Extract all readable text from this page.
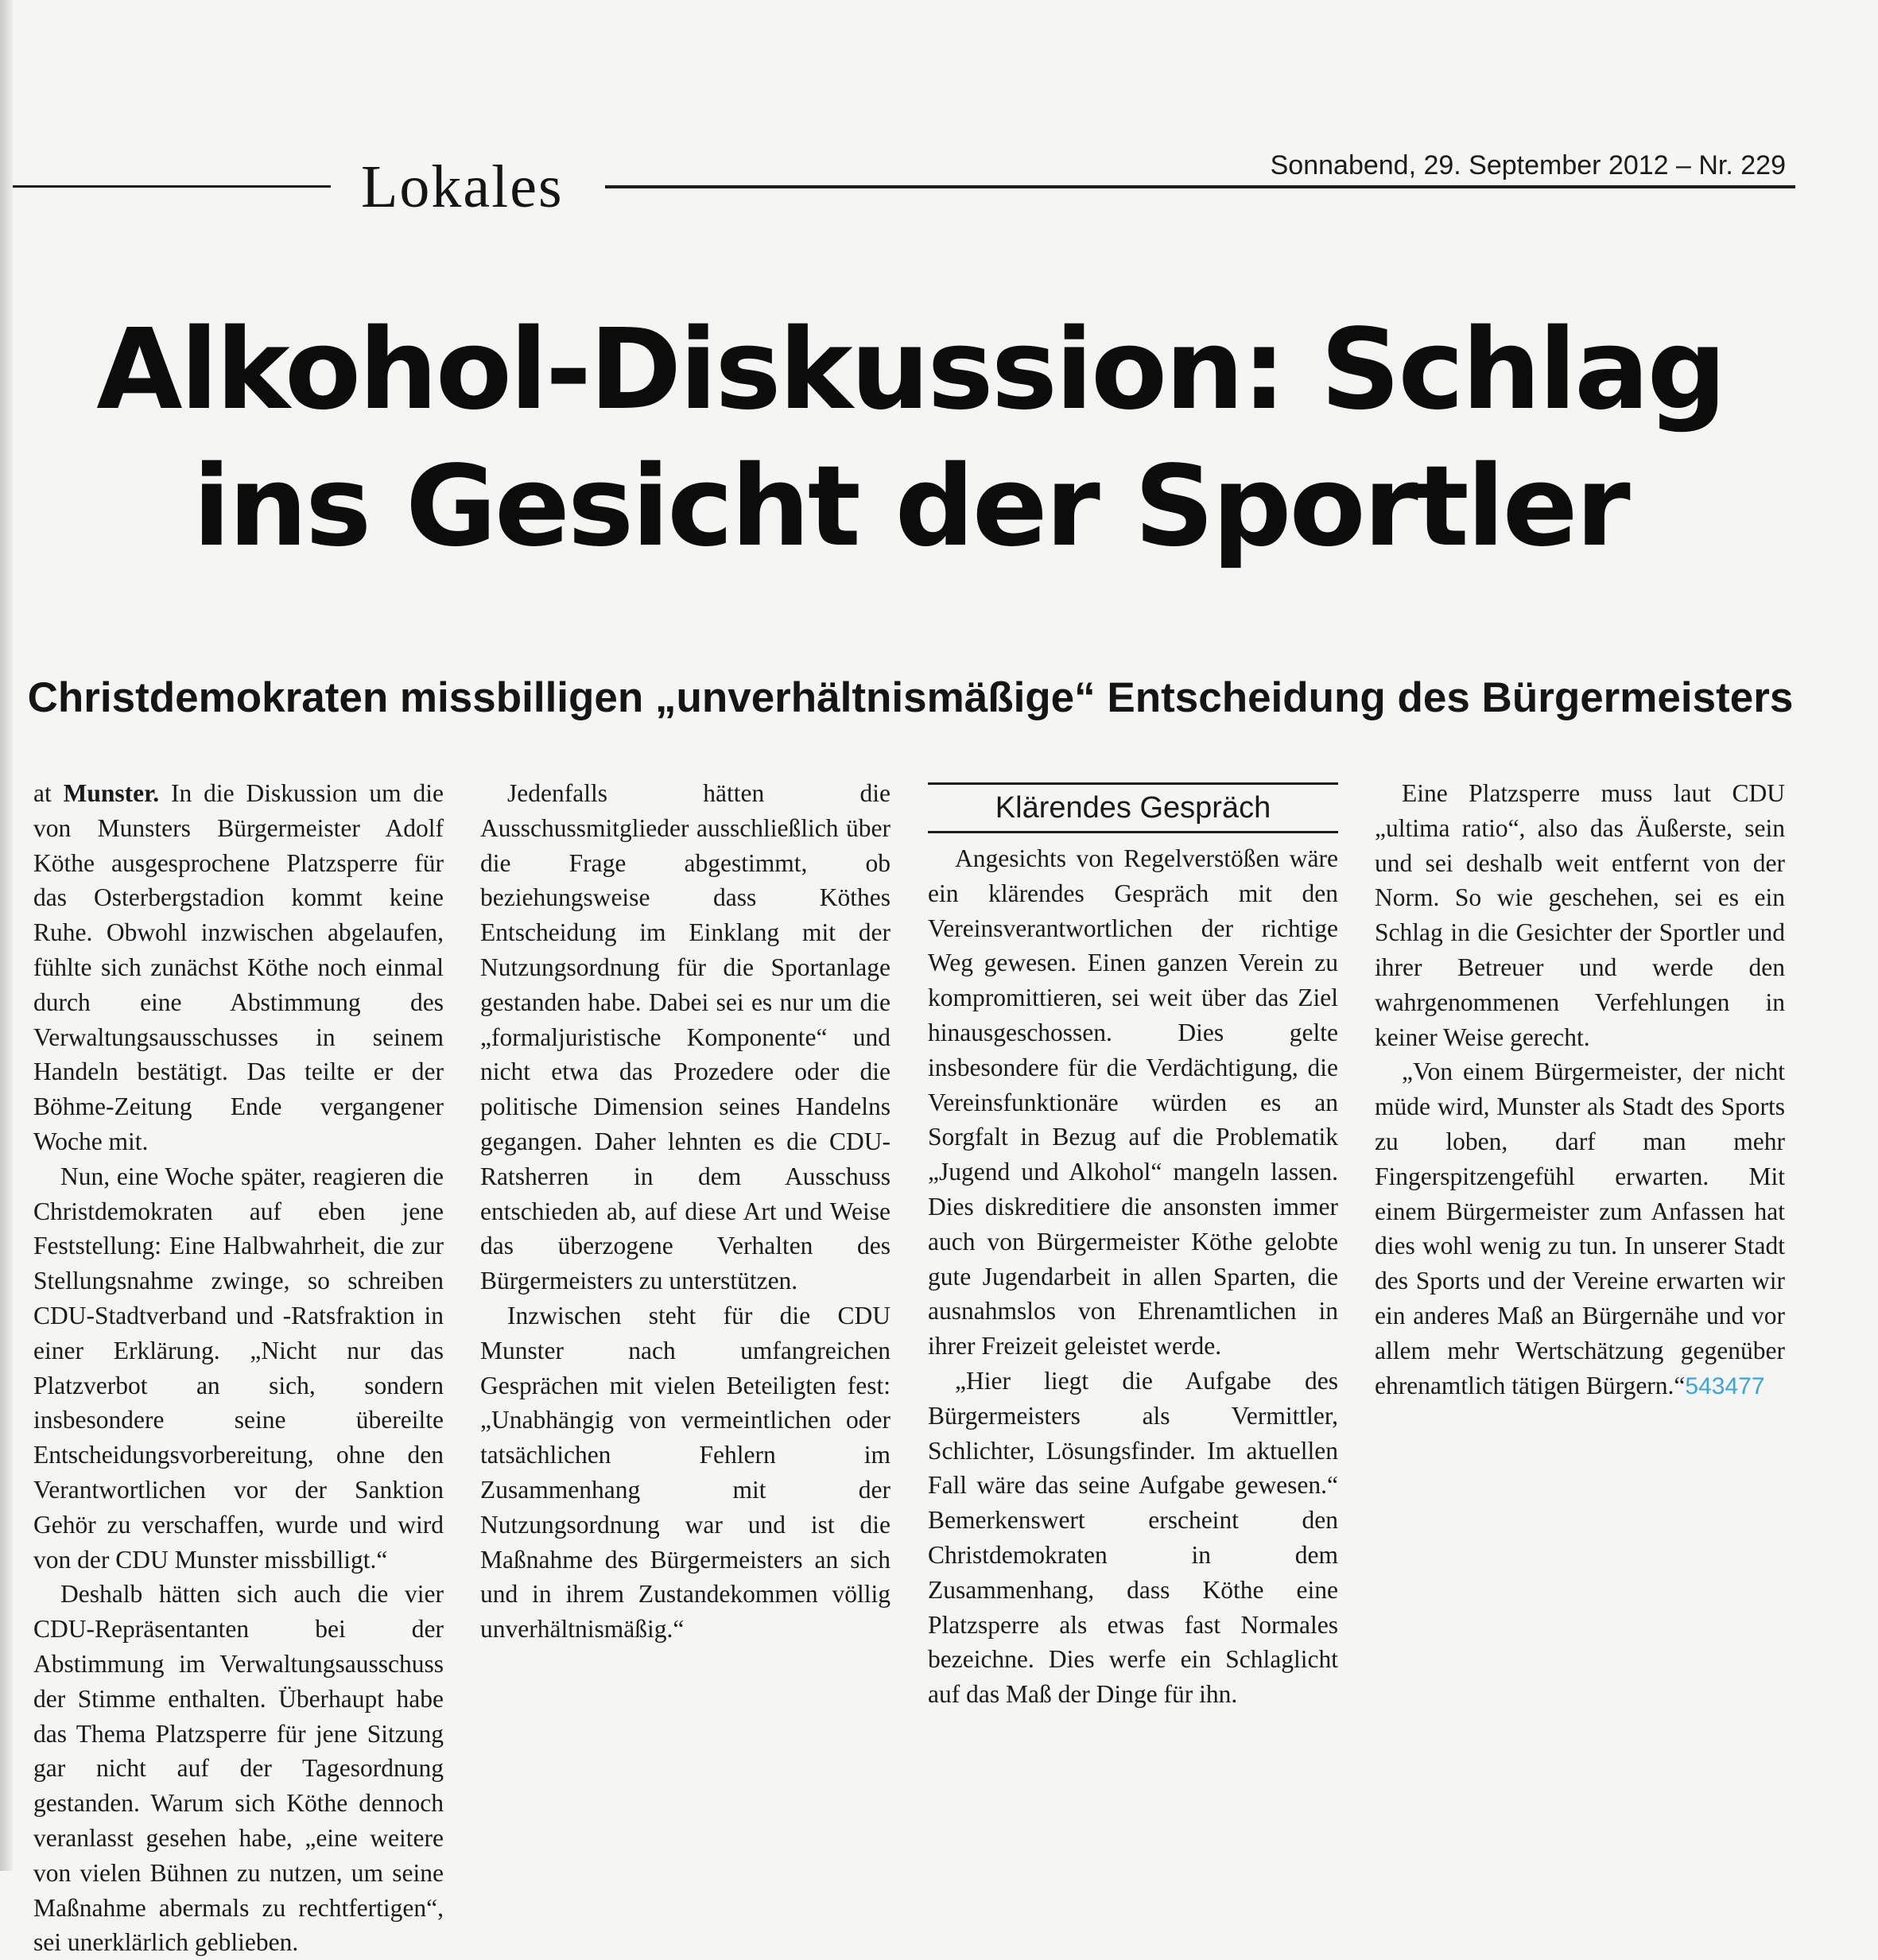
Lokales	Sonnabend, 29. September 2012 – Nr. 229
Alkohol-Diskussion: Schlag
ins Gesicht der Sportler
Christdemokraten missbilligen „unverhältnismäßige“ Entscheidung des Bürgermeisters

at Munster. In die Diskussion um die von Munsters Bürgermeister Adolf Köthe ausgesprochene Platzsperre für das Osterbergstadion kommt keine Ruhe. Obwohl inzwischen abgelaufen, fühlte sich zunächst Köthe noch einmal durch eine Abstimmung des Verwaltungsausschusses in seinem Handeln bestätigt. Das teilte er der Böhme-Zeitung Ende vergangener Woche mit.

Nun, eine Woche später, reagieren die Christdemokraten auf eben jene Feststellung: Eine Halbwahrheit, die zur Stellungsnahme zwinge, so schreiben CDU-Stadtverband und -Ratsfraktion in einer Erklärung. „Nicht nur das Platzverbot an sich, sondern insbesondere seine übereilte Entscheidungsvorbereitung, ohne den Verantwortlichen vor der Sanktion Gehör zu verschaffen, wurde und wird von der CDU Munster missbilligt.“

Deshalb hätten sich auch die vier CDU-Repräsentanten bei der Abstimmung im Verwaltungsausschuss der Stimme enthalten. Überhaupt habe das Thema Platzsperre für jene Sitzung gar nicht auf der Tagesordnung gestanden. Warum sich Köthe dennoch veranlasst gesehen habe, „eine weitere von vielen Bühnen zu nutzen, um seine Maßnahme abermals zu rechtfertigen“, sei unerklärlich geblieben.

Jedenfalls hätten die Ausschussmitglieder ausschließlich über die Frage abgestimmt, ob beziehungsweise dass Köthes Entscheidung im Einklang mit der Nutzungsordnung für die Sportanlage gestanden habe. Dabei sei es nur um die „formaljuristische Komponente“ und nicht etwa das Prozedere oder die politische Dimension seines Handelns gegangen. Daher lehnten es die CDU-Ratsherren in dem Ausschuss entschieden ab, auf diese Art und Weise das überzogene Verhalten des Bürgermeisters zu unterstützen.

Inzwischen steht für die CDU Munster nach umfangreichen Gesprächen mit vielen Beteiligten fest: „Unabhängig von vermeintlichen oder tatsächlichen Fehlern im Zusammenhang mit der Nutzungsordnung war und ist die Maßnahme des Bürgermeisters an sich und in ihrem Zustandekommen völlig unverhältnismäßig.“

Klärendes Gespräch

Angesichts von Regelverstößen wäre ein klärendes Gespräch mit den Vereinsverantwortlichen der richtige Weg gewesen. Einen ganzen Verein zu kompromittieren, sei weit über das Ziel hinausgeschossen. Dies gelte insbesondere für die Verdächtigung, die Vereinsfunktionäre würden es an Sorgfalt in Bezug auf die Problematik „Jugend und Alkohol“ mangeln lassen. Dies diskreditiere die ansonsten immer auch von Bürgermeister Köthe gelobte gute Jugendarbeit in allen Sparten, die ausnahmslos von Ehrenamtlichen in ihrer Freizeit geleistet werde.

„Hier liegt die Aufgabe des Bürgermeisters als Vermittler, Schlichter, Lösungsfinder. Im aktuellen Fall wäre das seine Aufgabe gewesen.“ Bemerkenswert erscheint den Christdemokraten in dem Zusammenhang, dass Köthe eine Platzsperre als etwas fast Normales bezeichne. Dies werfe ein Schlaglicht auf das Maß der Dinge für ihn.

Eine Platzsperre muss laut CDU „ultima ratio“, also das Äußerste, sein und sei deshalb weit entfernt von der Norm. So wie geschehen, sei es ein Schlag in die Gesichter der Sportler und ihrer Betreuer und werde den wahrgenommenen Verfehlungen in keiner Weise gerecht.

„Von einem Bürgermeister, der nicht müde wird, Munster als Stadt des Sports zu loben, darf man mehr Fingerspitzengefühl erwarten. Mit einem Bürgermeister zum Anfassen hat dies wohl wenig zu tun. In unserer Stadt des Sports und der Vereine erwarten wir ein anderes Maß an Bürgernähe und vor allem mehr Wertschätzung gegenüber ehrenamtlich tätigen Bürgern.“543477
